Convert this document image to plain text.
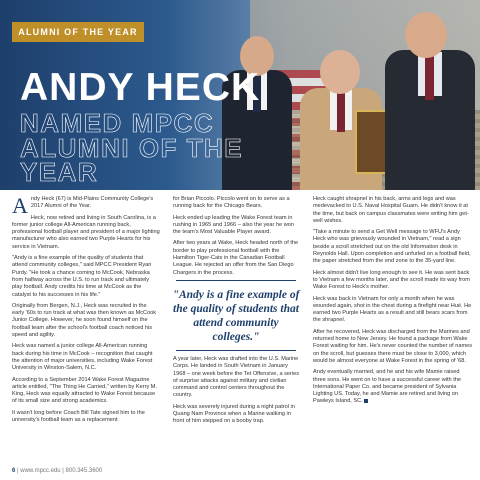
ALUMNI OF THE YEAR
ANDY HECK
NAMED MPCC
ALUMNI OF THE
YEAR

Andy Heck (67) is Mid-Plains Community College's 2017 Alumni of the Year.

Heck, now retired and living in South Carolina, is a former junior college All-American running back, professional football player and president of a major lighting manufacturer who also earned two Purple Hearts for his service in Vietnam.

"Andy is a fine example of the quality of students that attend community colleges," said MPCC President Ryan Purdy. "He took a chance coming to McCook, Nebraska from halfway across the U.S. to run track and ultimately play football. Andy credits his time at McCook as the catalyst to his successes in his life."

Originally from Bergen, N.J., Heck was recruited in the early '60s to run track at what was then known as McCook Junior College. However, he soon found himself on the football team after the school's football coach noticed his speed and agility.

Heck was named a junior college All-American running back during his time in McCook – recognition that caught the attention of major universities, including Wake Forest University in Winston-Salem, N.C.

According to a September 2014 Wake Forest Magazine article entitled, "The Thing He Carried," written by Kerry M. King, Heck was equally attracted to Wake Forest because of its small size and strong academics.

It wasn't long before Coach Bill Tate signed him to the university's football team as a replacement

for Brian Piccolo. Piccolo went on to serve as a running back for the Chicago Bears.

Heck ended up leading the Wake Forest team in rushing in 1965 and 1966 – also the year he won the team's Most Valuable Player award.

After two years at Wake, Heck headed north of the border to play professional football with the Hamilton Tiger-Cats in the Canadian Football League. He rejected an offer from the San Diego Chargers in the process.

"Andy is a fine example of the quality of students that attend community colleges."

A year later, Heck was drafted into the U.S. Marine Corps. He landed in South Vietnam in January 1968 – one week before the Tet Offensive, a series of surprise attacks against military and civilian command and control centers throughout the country.

Heck was severely injured during a night patrol in Quang Nam Province when a Marine walking in front of him stepped on a booby trap.

Heck caught shrapnel in his back, arms and legs and was medevacked to U.S. Naval Hospital Guam. He didn't know it at the time, but back on campus classmates were writing him get-well wishes.

"Take a minute to send a Get Well message to WFU's Andy Heck who was grievously wounded in Vietnam," read a sign beside a scroll stretched out on the old Information desk in Reynolds Hall. Upon completion and unfurled on a football field, the paper stretched from the end zone to the 35-yard line.

Heck almost didn't live long enough to see it. He was sent back to Vietnam a few months later, and the scroll made its way from Wake Forest to Heck's mother.

Heck was back in Vietnam for only a month when he was wounded again, shot in the chest during a firefight near Hué. He earned two Purple Hearts as a result and still bears scars from the shrapnel.

After he recovered, Heck was discharged from the Marines and returned home to New Jersey. He found a package from Wake Forest waiting for him. He's never counted the number of names on the scroll, but guesses there must be close to 3,000, which would be almost everyone at Wake Forest in the spring of '68.

Andy eventually married, and he and his wife Mamie raised three sons. He went on to have a successful career with the International Paper Co. and became president of Sylvania Lighting US. Today, he and Mamie are retired and living on Pawleys Island, SC.

6 | www.mpcc.edu | 800.345.3600
